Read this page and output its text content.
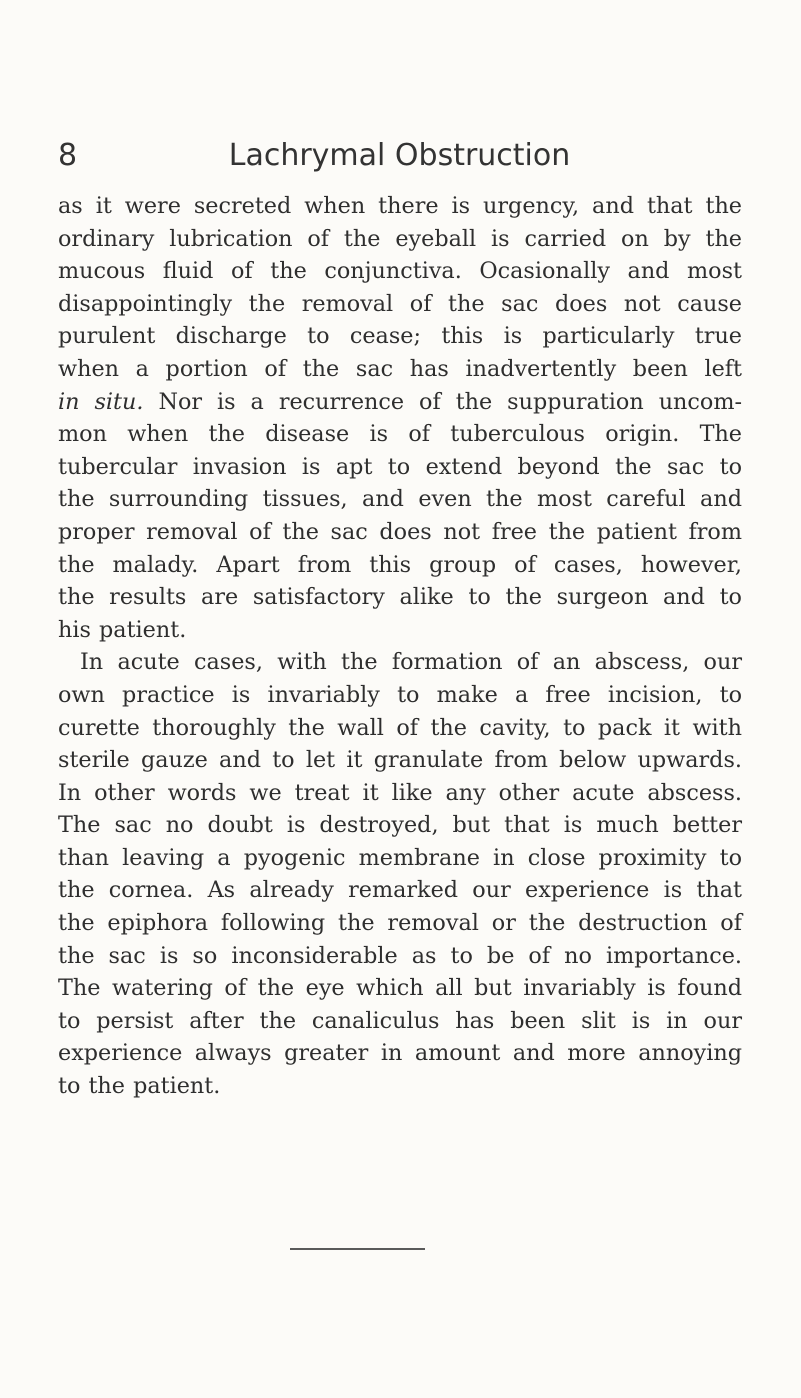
8	Lachrymal Obstruction
as it were secreted when there is urgency, and that the
ordinary lubrication of the eyeball is carried on by the
mucous fluid of the conjunctiva. Ocasionally and most
disappointingly the removal of the sac does not cause
purulent discharge to cease; this is particularly true
when a portion of the sac has inadvertently been left
in situ. Nor is a recurrence of the suppuration uncom-
mon when the disease is of tuberculous origin. The
tubercular invasion is apt to extend beyond the sac to
the surrounding tissues, and even the most careful and
proper removal of the sac does not free the patient from
the malady. Apart from this group of cases, however,
the results are satisfactory alike to the surgeon and to
his patient.
In acute cases, with the formation of an abscess, our
own practice is invariably to make a free incision, to
curette thoroughly the wall of the cavity, to pack it with
sterile gauze and to let it granulate from below upwards.
In other words we treat it like any other acute abscess.
The sac no doubt is destroyed, but that is much better
than leaving a pyogenic membrane in close proximity to
the cornea. As already remarked our experience is that
the epiphora following the removal or the destruction of
the sac is so inconsiderable as to be of no importance.
The watering of the eye which all but invariably is found
to persist after the canaliculus has been slit is in our
experience always greater in amount and more annoying
to the patient.
